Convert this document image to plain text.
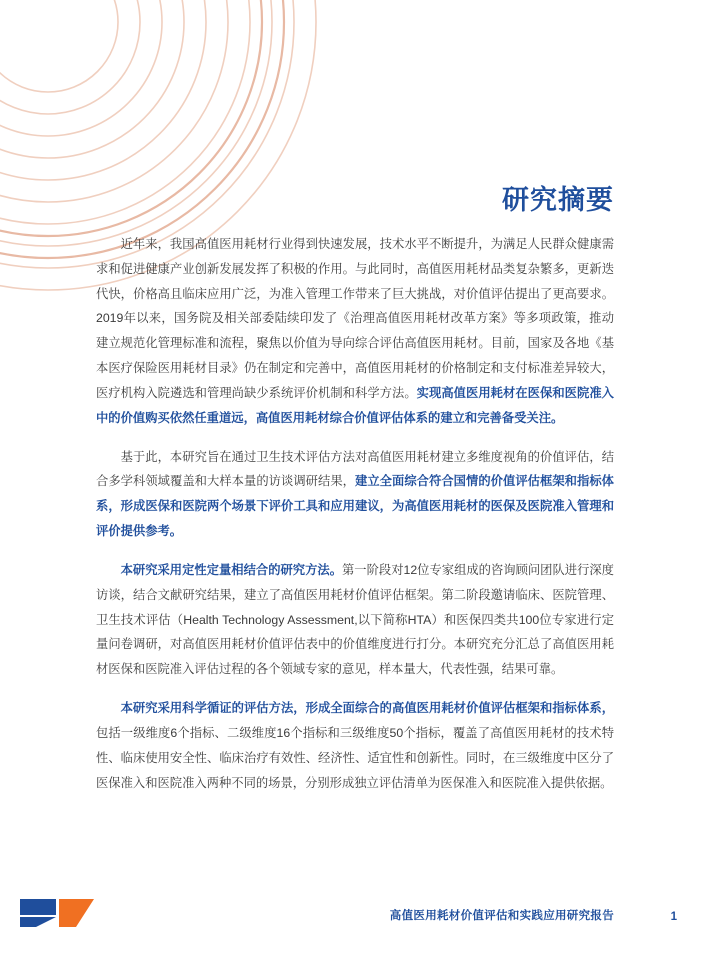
研究摘要

近年来，我国高值医用耗材行业得到快速发展，技术水平不断提升，为满足人民群众健康需求和促进健康产业创新发展发挥了积极的作用。与此同时，高值医用耗材品类复杂繁多，更新迭代快，价格高且临床应用广泛，为准入管理工作带来了巨大挑战，对价值评估提出了更高要求。2019年以来，国务院及相关部委陆续印发了《治理高值医用耗材改革方案》等多项政策，推动建立规范化管理标准和流程，聚焦以价值为导向综合评估高值医用耗材。目前，国家及各地《基本医疗保险医用耗材目录》仍在制定和完善中，高值医用耗材的价格制定和支付标准差异较大，医疗机构入院遴选和管理尚缺少系统评价机制和科学方法。实现高值医用耗材在医保和医院准入中的价值购买依然任重道远，高值医用耗材综合价值评估体系的建立和完善备受关注。

基于此，本研究旨在通过卫生技术评估方法对高值医用耗材建立多维度视角的价值评估，结合多学科领域覆盖和大样本量的访谈调研结果，建立全面综合符合国情的价值评估框架和指标体系，形成医保和医院两个场景下评价工具和应用建议，为高值医用耗材的医保及医院准入管理和评价提供参考。

本研究采用定性定量相结合的研究方法。第一阶段对12位专家组成的咨询顾问团队进行深度访谈，结合文献研究结果，建立了高值医用耗材价值评估框架。第二阶段邀请临床、医院管理、卫生技术评估（Health Technology Assessment,以下简称HTA）和医保四类共100位专家进行定量问卷调研，对高值医用耗材价值评估表中的价值维度进行打分。本研究充分汇总了高值医用耗材医保和医院准入评估过程的各个领域专家的意见，样本量大，代表性强，结果可靠。

本研究采用科学循证的评估方法，形成全面综合的高值医用耗材价值评估框架和指标体系，包括一级维度6个指标、二级维度16个指标和三级维度50个指标，覆盖了高值医用耗材的技术特性、临床使用安全性、临床治疗有效性、经济性、适宜性和创新性。同时，在三级维度中区分了医保准入和医院准入两种不同的场景，分别形成独立评估清单为医保准入和医院准入提供依据。

高值医用耗材价值评估和实践应用研究报告	1
